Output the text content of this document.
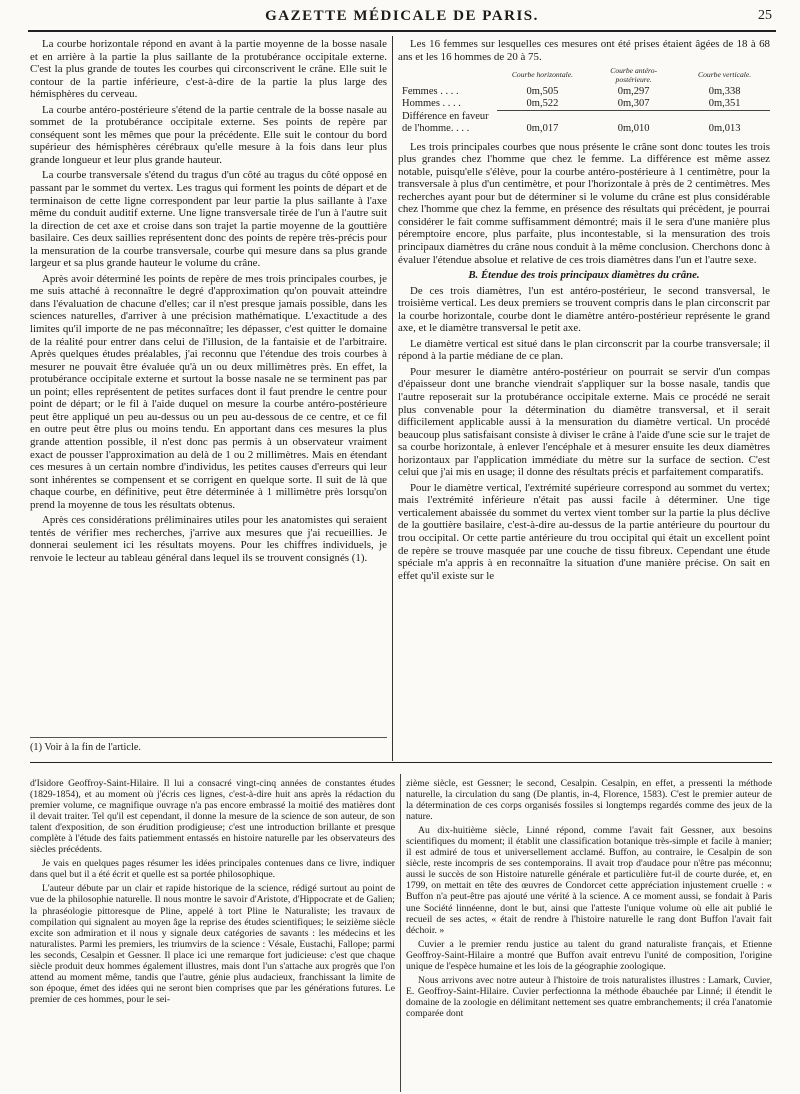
GAZETTE MÉDICALE DE PARIS.	25

La courbe horizontale répond en avant à la partie moyenne de la bosse nasale et en arrière à la partie la plus saillante de la protubérance occipitale externe. C'est la plus grande de toutes les courbes qui circonscrivent le crâne. Elle suit le contour de la partie inférieure, c'est-à-dire de la partie la plus large des hémisphères du cerveau.

La courbe antéro-postérieure s'étend de la partie centrale de la bosse nasale au sommet de la protubérance occipitale externe. Ses points de repère par conséquent sont les mêmes que pour la précédente. Elle suit le contour du bord supérieur des hémisphères cérébraux qu'elle mesure à la fois dans leur plus grande longueur et leur plus grande hauteur.

La courbe transversale s'étend du tragus d'un côté au tragus du côté opposé en passant par le sommet du vertex. Les tragus qui forment les points de départ et de terminaison de cette ligne correspondent par leur partie la plus saillante à l'axe même du conduit auditif externe. Une ligne transversale tirée de l'un à l'autre suit la direction de cet axe et croise dans son trajet la partie moyenne de la gouttière basilaire. Ces deux saillies représentent donc des points de repère très-précis pour la mensuration de la courbe transversale, courbe qui mesure dans sa plus grande largeur et sa plus grande hauteur le volume du crâne.

Après avoir déterminé les points de repère de mes trois principales courbes, je me suis attaché à reconnaître le degré d'approximation qu'on pouvait atteindre dans l'évaluation de chacune d'elles; car il n'est presque jamais possible, dans les sciences naturelles, d'arriver à une précision mathématique. L'exactitude a des limites qu'il importe de ne pas méconnaître; les dépasser, c'est quitter le domaine de la réalité pour entrer dans celui de l'illusion, de la fantaisie et de l'arbitraire. Après quelques études préalables, j'ai reconnu que l'étendue des trois courbes à mesurer ne pouvait être évaluée qu'à un ou deux millimètres près. En effet, la protubérance occipitale externe et surtout la bosse nasale ne se terminent pas par un point; elles représentent de petites surfaces dont il faut prendre le centre pour point de départ; or le fil à l'aide duquel on mesure la courbe antéro-postérieure peut être appliqué un peu au-dessus ou un peu au-dessous de ce centre, et ce fil en outre peut être plus ou moins tendu. En apportant dans ces mesures la plus grande attention possible, il n'est donc pas permis à un observateur vraiment exact de pousser l'approximation au delà de 1 ou 2 millimètres. Mais en étendant ces mesures à un certain nombre d'individus, les petites causes d'erreurs qui leur sont inhérentes se compensent et se corrigent en quelque sorte. Il suit de là que chaque courbe, en définitive, peut être déterminée à 1 millimètre près lorsqu'on prend la moyenne de tous les résultats obtenus.

Après ces considérations préliminaires utiles pour les anatomistes qui seraient tentés de vérifier mes recherches, j'arrive aux mesures que j'ai recueillies. Je donnerai seulement ici les résultats moyens. Pour les chiffres individuels, je renvoie le lecteur au tableau général dans lequel ils se trouvent consignés (1).

(1) Voir à la fin de l'article.

Les 16 femmes sur lesquelles ces mesures ont été prises étaient âgées de 18 à 68 ans et les 16 hommes de 20 à 75.

	Courbe horizontale.	Courbe antéro-postérieure.	Courbe verticale.
Femmes . . . .	0m,505	0m,297	0m,338
Hommes . . . .	0m,522	0m,307	0m,351
Différence en faveur
de l'homme. . . .	0m,017	0m,010	0m,013

Les trois principales courbes que nous présente le crâne sont donc toutes les trois plus grandes chez l'homme que chez le femme. La différence est même assez notable, puisqu'elle s'élève, pour la courbe antéro-postérieure à 1 centimètre, pour la transversale à plus d'un centimètre, et pour l'horizontale à près de 2 centimètres. Mes recherches ayant pour but de déterminer si le volume du crâne est plus considérable chez l'homme que chez la femme, en présence des résultats qui précèdent, je pourrai considérer le fait comme suffisamment démontré; mais il le sera d'une manière plus péremptoire encore, plus parfaite, plus incontestable, si la mensuration des trois principaux diamètres du crâne nous conduit à la même conclusion. Cherchons donc à évaluer l'étendue absolue et relative de ces trois diamètres dans l'un et l'autre sexe.

B. Étendue des trois principaux diamètres du crâne.

De ces trois diamètres, l'un est antéro-postérieur, le second transversal, le troisième vertical. Les deux premiers se trouvent compris dans le plan circonscrit par la courbe horizontale, courbe dont le diamètre antéro-postérieur représente le grand axe, et le diamètre transversal le petit axe.

Le diamètre vertical est situé dans le plan circonscrit par la courbe transversale; il répond à la partie médiane de ce plan.

Pour mesurer le diamètre antéro-postérieur on pourrait se servir d'un compas d'épaisseur dont une branche viendrait s'appliquer sur la bosse nasale, tandis que l'autre reposerait sur la protubérance occipitale externe. Mais ce procédé ne serait plus convenable pour la détermination du diamètre transversal, et il serait difficilement applicable aussi à la mensuration du diamètre vertical. Un procédé beaucoup plus satisfaisant consiste à diviser le crâne à l'aide d'une scie sur le trajet de sa courbe horizontale, à enlever l'encéphale et à mesurer ensuite les deux diamètres horizontaux par l'application immédiate du mètre sur la surface de section. C'est celui que j'ai mis en usage; il donne des résultats précis et parfaitement comparatifs.

Pour le diamètre vertical, l'extrémité supérieure correspond au sommet du vertex; mais l'extrémité inférieure n'était pas aussi facile à déterminer. Une tige verticalement abaissée du sommet du vertex vient tomber sur la partie la plus déclive de la gouttière basilaire, c'est-à-dire au-dessus de la partie antérieure du pourtour du trou occipital. Or cette partie antérieure du trou occipital qui était un excellent point de repère se trouve masquée par une couche de tissu fibreux. Cependant une étude spéciale m'a appris à en reconnaître la situation d'une manière précise. On sait en effet qu'il existe sur le

d'Isidore Geoffroy-Saint-Hilaire. Il lui a consacré vingt-cinq années de constantes études (1829-1854), et au moment où j'écris ces lignes, c'est-à-dire huit ans après la rédaction du premier volume, ce magnifique ouvrage n'a pas encore embrassé la moitié des matières dont il devait traiter. Tel qu'il est cependant, il donne la mesure de la science de son auteur, de son talent d'exposition, de son érudition prodigieuse; c'est une introduction brillante et presque complète à l'étude des faits patiemment entassés en histoire naturelle par les observateurs des siècles précédents.

Je vais en quelques pages résumer les idées principales contenues dans ce livre, indiquer dans quel but il a été écrit et quelle est sa portée philosophique.

L'auteur débute par un clair et rapide historique de la science, rédigé surtout au point de vue de la philosophie naturelle. Il nous montre le savoir d'Aristote, d'Hippocrate et de Galien; la phraséologie pittoresque de Pline, appelé à tort Pline le Naturaliste; les travaux de compilation qui signalent au moyen âge la reprise des études scientifiques; le seizième siècle excite son admiration et il nous y signale deux catégories de savants : les médecins et les naturalistes. Parmi les premiers, les triumvirs de la science : Vésale, Eustachi, Fallope; parmi les seconds, Cesalpin et Gessner. Il place ici une remarque fort judicieuse: c'est que chaque siècle produit deux hommes également illustres, mais dont l'un s'attache aux progrès que l'on attend au moment même, tandis que l'autre, génie plus audacieux, franchissant la limite de son époque, émet des idées qui ne seront bien comprises que par les générations futures. Le premier de ces hommes, pour le sei-

zième siècle, est Gessner; le second, Cesalpin. Cesalpin, en effet, a pressenti la méthode naturelle, la circulation du sang (De plantis, in-4, Florence, 1583). C'est le premier auteur de la détermination de ces corps organisés fossiles si longtemps regardés comme des jeux de la nature.

Au dix-huitième siècle, Linné répond, comme l'avait fait Gessner, aux besoins scientifiques du moment; il établit une classification botanique très-simple et facile à manier; il est admiré de tous et universellement acclamé. Buffon, au contraire, le Cesalpin de son siècle, reste incompris de ses contemporains. Il avait trop d'audace pour n'être pas méconnu; aussi le succès de son Histoire naturelle générale et particulière fut-il de courte durée, et, en 1799, on mettait en tête des œuvres de Condorcet cette appréciation injustement cruelle : « Buffon n'a peut-être pas ajouté une vérité à la science. A ce moment aussi, se fondait à Paris une Société linnéenne, dont le but, ainsi que l'atteste l'unique volume où elle ait publié le recueil de ses actes, « était de rendre à l'histoire naturelle le rang dont Buffon l'avait fait déchoir. »

Cuvier a le premier rendu justice au talent du grand naturaliste français, et Etienne Geoffroy-Saint-Hilaire a montré que Buffon avait entrevu l'unité de composition, l'origine unique de l'espèce humaine et les lois de la géographie zoologique.

Nous arrivons avec notre auteur à l'histoire de trois naturalistes illustres : Lamark, Cuvier, E. Geoffroy-Saint-Hilaire. Cuvier perfectionna la méthode ébauchée par Linné; il étendit le domaine de la zoologie en délimitant nettement ses quatre embranchements; il créa l'anatomie comparée dont
